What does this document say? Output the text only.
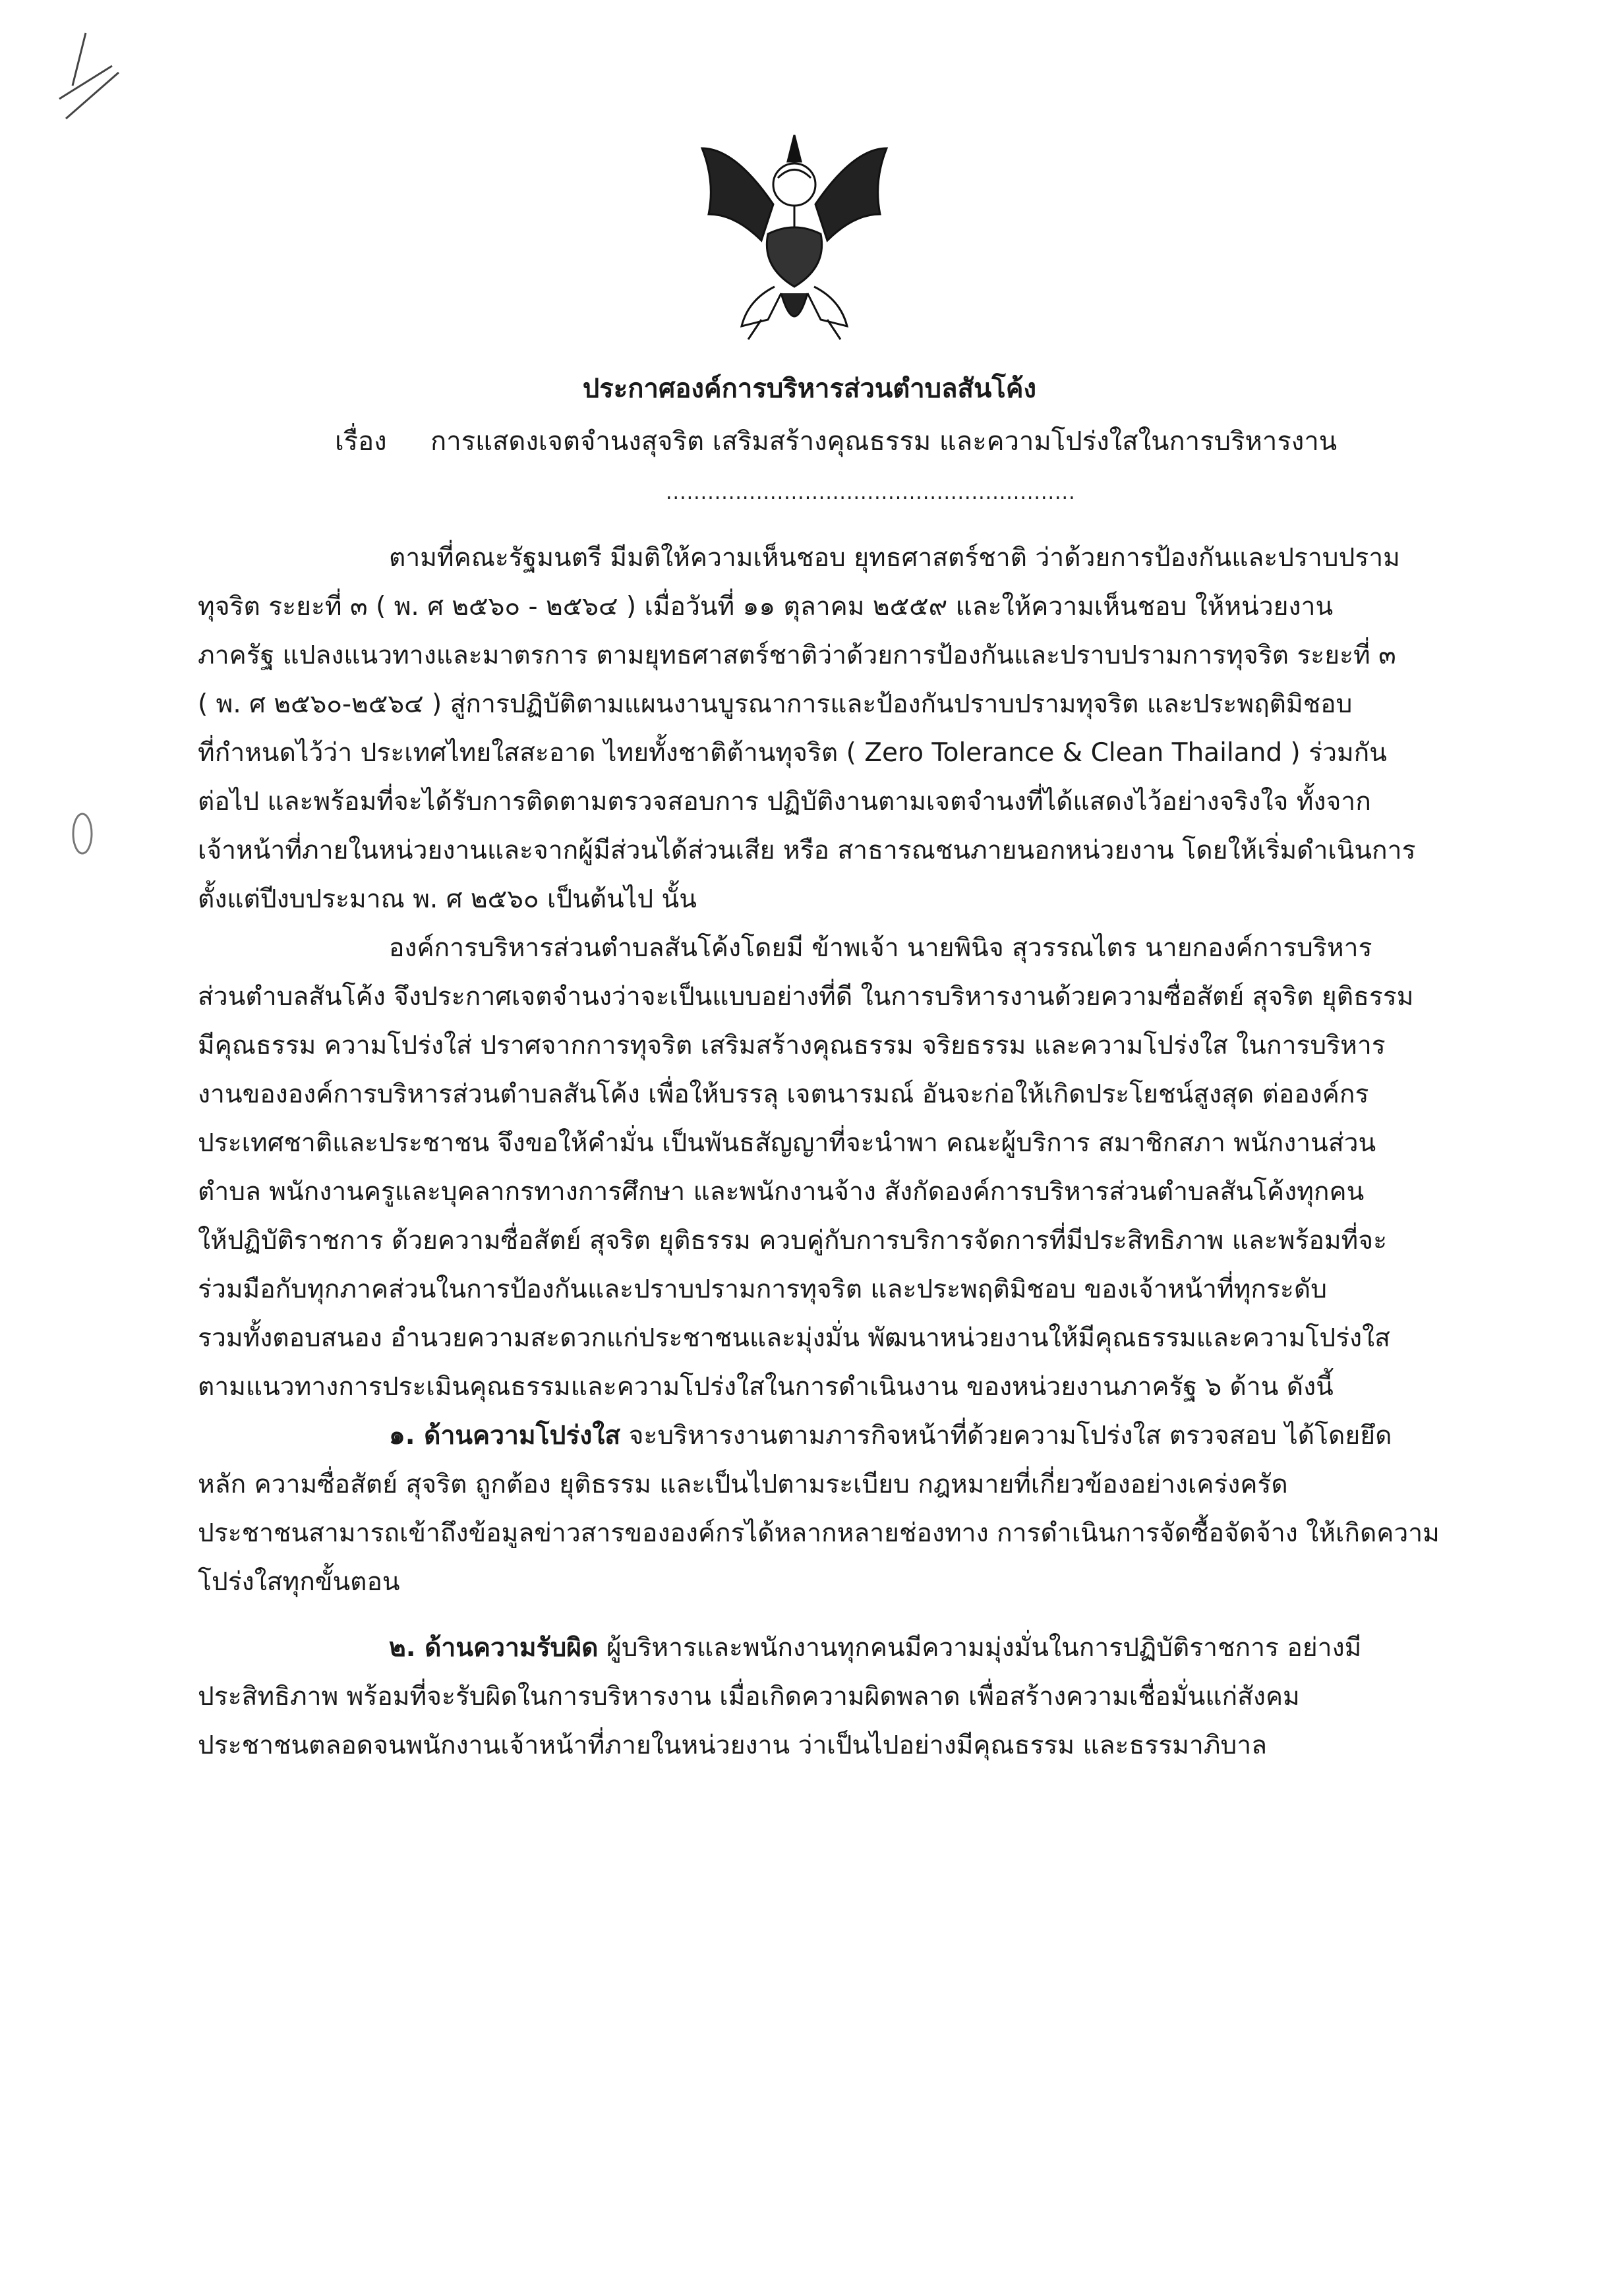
ประกาศองค์การบริหารส่วนตำบลสันโค้ง
เรื่อง การแสดงเจตจำนงสุจริต เสริมสร้างคุณธรรม และความโปร่งใสในการบริหารงาน
...........................................................
ตามที่คณะรัฐมนตรี มีมติให้ความเห็นชอบ ยุทธศาสตร์ชาติ ว่าด้วยการป้องกันและปราบปราม
ทุจริต ระยะที่ ๓ ( พ. ศ ๒๕๖๐ - ๒๕๖๔ ) เมื่อวันที่ ๑๑ ตุลาคม ๒๕๕๙ และให้ความเห็นชอบ ให้หน่วยงาน
ภาครัฐ แปลงแนวทางและมาตรการ ตามยุทธศาสตร์ชาติว่าด้วยการป้องกันและปราบปรามการทุจริต ระยะที่ ๓
( พ. ศ ๒๕๖๐-๒๕๖๔ ) สู่การปฏิบัติตามแผนงานบูรณาการและป้องกันปราบปรามทุจริต และประพฤติมิชอบ
ที่กำหนดไว้ว่า ประเทศไทยใสสะอาด ไทยทั้งชาติต้านทุจริต ( Zero Tolerance & Clean Thailand ) ร่วมกัน
ต่อไป และพร้อมที่จะได้รับการติดตามตรวจสอบการ ปฏิบัติงานตามเจตจำนงที่ได้แสดงไว้อย่างจริงใจ ทั้งจาก
เจ้าหน้าที่ภายในหน่วยงานและจากผู้มีส่วนได้ส่วนเสีย หรือ สาธารณชนภายนอกหน่วยงาน โดยให้เริ่มดำเนินการ
ตั้งแต่ปีงบประมาณ พ. ศ ๒๕๖๐ เป็นต้นไป นั้น
องค์การบริหารส่วนตำบลสันโค้งโดยมี ข้าพเจ้า นายพินิจ สุวรรณไตร นายกองค์การบริหาร
ส่วนตำบลสันโค้ง จึงประกาศเจตจำนงว่าจะเป็นแบบอย่างที่ดี ในการบริหารงานด้วยความซื่อสัตย์ สุจริต ยุติธรรม
มีคุณธรรม ความโปร่งใส่ ปราศจากการทุจริต เสริมสร้างคุณธรรม จริยธรรม และความโปร่งใส ในการบริหาร
งานขององค์การบริหารส่วนตำบลสันโค้ง เพื่อให้บรรลุ เจตนารมณ์ อันจะก่อให้เกิดประโยชน์สูงสุด ต่อองค์กร
ประเทศชาติและประชาชน จึงขอให้คำมั่น เป็นพันธสัญญาที่จะนำพา คณะผู้บริการ สมาชิกสภา พนักงานส่วน
ตำบล พนักงานครูและบุคลากรทางการศึกษา และพนักงานจ้าง สังกัดองค์การบริหารส่วนตำบลสันโค้งทุกคน
ให้ปฏิบัติราชการ ด้วยความซื่อสัตย์ สุจริต ยุติธรรม ควบคู่กับการบริการจัดการที่มีประสิทธิภาพ และพร้อมที่จะ
ร่วมมือกับทุกภาคส่วนในการป้องกันและปราบปรามการทุจริต และประพฤติมิชอบ ของเจ้าหน้าที่ทุกระดับ
รวมทั้งตอบสนอง อำนวยความสะดวกแก่ประชาชนและมุ่งมั่น พัฒนาหน่วยงานให้มีคุณธรรมและความโปร่งใส
ตามแนวทางการประเมินคุณธรรมและความโปร่งใสในการดำเนินงาน ของหน่วยงานภาครัฐ ๖ ด้าน ดังนี้
๑. ด้านความโปร่งใส จะบริหารงานตามภารกิจหน้าที่ด้วยความโปร่งใส ตรวจสอบ ได้โดยยึด
หลัก ความซื่อสัตย์ สุจริต ถูกต้อง ยุติธรรม และเป็นไปตามระเบียบ กฎหมายที่เกี่ยวข้องอย่างเคร่งครัด
ประชาชนสามารถเข้าถึงข้อมูลข่าวสารขององค์กรได้หลากหลายช่องทาง การดำเนินการจัดซื้อจัดจ้าง ให้เกิดความ
โปร่งใสทุกขั้นตอน
๒. ด้านความรับผิด ผู้บริหารและพนักงานทุกคนมีความมุ่งมั่นในการปฏิบัติราชการ อย่างมี
ประสิทธิภาพ พร้อมที่จะรับผิดในการบริหารงาน เมื่อเกิดความผิดพลาด เพื่อสร้างความเชื่อมั่นแก่สังคม
ประชาชนตลอดจนพนักงานเจ้าหน้าที่ภายในหน่วยงาน ว่าเป็นไปอย่างมีคุณธรรม และธรรมาภิบาล
